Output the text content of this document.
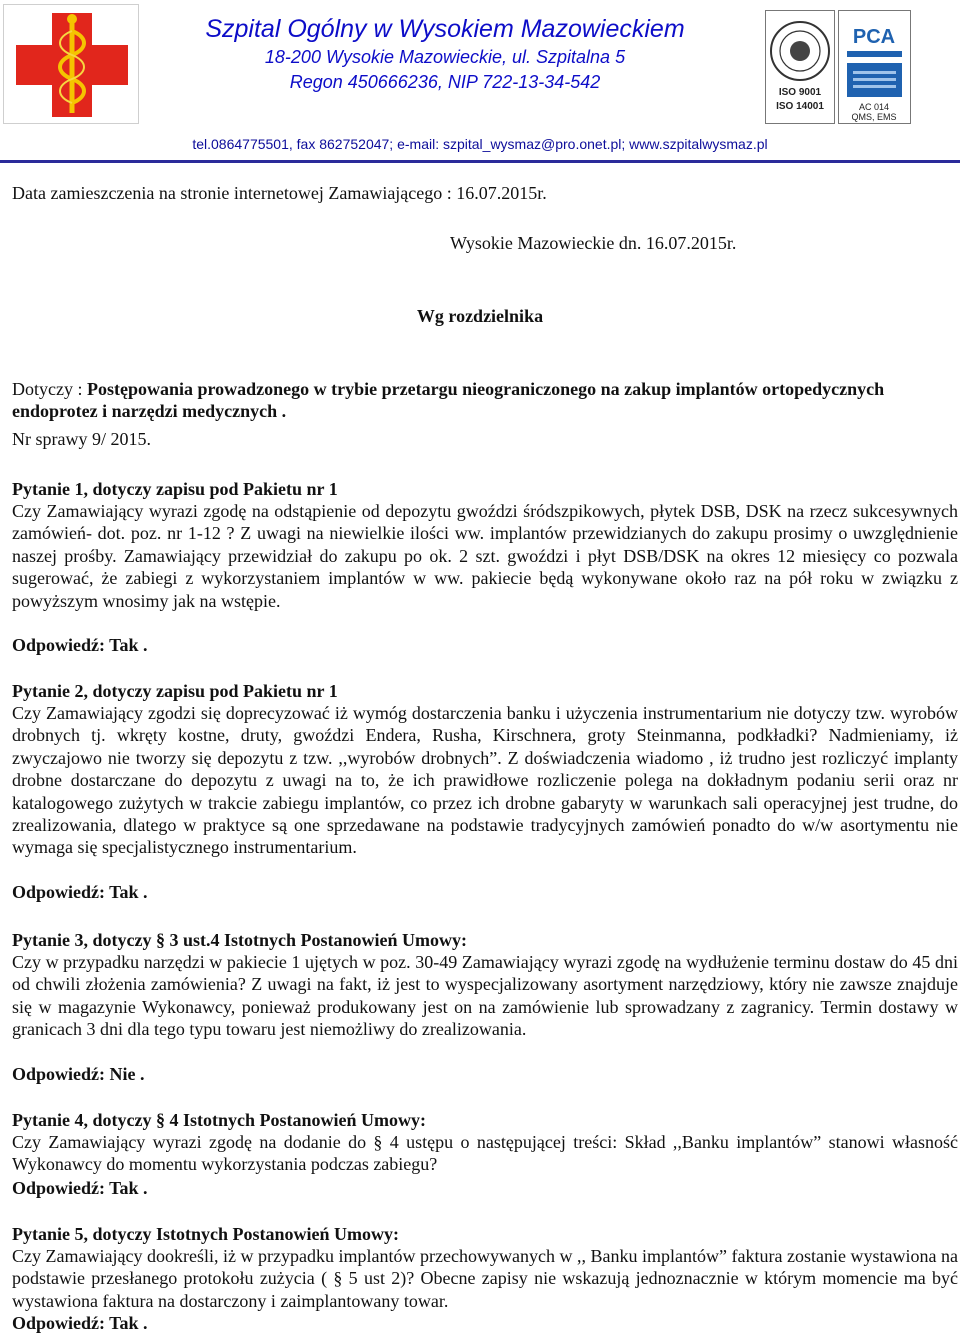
Szpital Ogólny w Wysokiem Mazowieckiem
18-200 Wysokie Mazowieckie, ul. Szpitalna 5
Regon 450666236, NIP 722-13-34-542
ISO 9001
ISO 14001
PCA
AC 014
QMS, EMS
tel.0864775501, fax 862752047; e-mail: szpital_wysmaz@pro.onet.pl; www.szpitalwysmaz.pl

Data zamieszczenia na stronie internetowej Zamawiającego : 16.07.2015r.

Wysokie Mazowieckie dn. 16.07.2015r.

Wg rozdzielnika

Dotyczy : Postępowania prowadzonego w trybie przetargu nieograniczonego na zakup implantów ortopedycznych endoprotez i narzędzi medycznych .

Nr sprawy 9/ 2015.

Pytanie 1, dotyczy zapisu pod Pakietu nr 1

Czy Zamawiający wyrazi zgodę na odstąpienie od depozytu gwoździ śródszpikowych, płytek DSB, DSK na rzecz sukcesywnych zamówień- dot. poz. nr 1-12 ? Z uwagi na niewielkie ilości ww. implantów przewidzianych do zakupu prosimy o uwzględnienie naszej prośby. Zamawiający przewidział do zakupu po ok. 2 szt. gwoździ i płyt DSB/DSK na okres 12 miesięcy co pozwala sugerować, że zabiegi z wykorzystaniem implantów w ww. pakiecie będą wykonywane około raz na pół roku w związku z powyższym wnosimy jak na wstępie.

Odpowiedź: Tak .

Pytanie 2, dotyczy zapisu pod Pakietu nr 1

Czy Zamawiający zgodzi się doprecyzować iż wymóg dostarczenia banku i użyczenia instrumentarium nie dotyczy tzw. wyrobów drobnych tj. wkręty kostne, druty, gwoździ Endera, Rusha, Kirschnera, groty Steinmanna, podkładki? Nadmieniamy, iż zwyczajowo nie tworzy się depozytu z tzw. ,,wyrobów drobnych”. Z doświadczenia wiadomo , iż trudno jest rozliczyć implanty drobne dostarczane do depozytu z uwagi na to, że ich prawidłowe rozliczenie polega na dokładnym podaniu serii oraz nr katalogowego zużytych w trakcie zabiegu implantów, co przez ich drobne gabaryty w warunkach sali operacyjnej jest trudne, do zrealizowania, dlatego w praktyce są one sprzedawane na podstawie tradycyjnych zamówień ponadto do w/w asortymentu nie wymaga się specjalistycznego instrumentarium.

Odpowiedź: Tak .

Pytanie 3, dotyczy § 3 ust.4 Istotnych Postanowień Umowy:

Czy w przypadku narzędzi w pakiecie 1 ujętych w poz. 30-49 Zamawiający wyrazi zgodę na wydłużenie terminu dostaw do 45 dni od chwili złożenia zamówienia? Z uwagi na fakt, iż jest to wyspecjalizowany asortyment narzędziowy, który nie zawsze znajduje się w magazynie Wykonawcy, ponieważ produkowany jest on na zamówienie lub sprowadzany z zagranicy. Termin dostawy w granicach 3 dni dla tego typu towaru jest niemożliwy do zrealizowania.

Odpowiedź: Nie .

Pytanie 4, dotyczy § 4 Istotnych Postanowień Umowy:

Czy Zamawiający wyrazi zgodę na dodanie do § 4 ustępu o następującej treści: Skład ,,Banku implantów” stanowi własność Wykonawcy do momentu wykorzystania podczas zabiegu?

Odpowiedź: Tak .

Pytanie 5, dotyczy Istotnych Postanowień Umowy:

Czy Zamawiający dookreśli, iż w przypadku implantów przechowywanych w ,, Banku implantów” faktura zostanie wystawiona na podstawie przesłanego protokołu zużycia ( § 5 ust 2)? Obecne zapisy nie wskazują jednoznacznie w którym momencie ma być wystawiona faktura na dostarczony i zaimplantowany towar.

Odpowiedź: Tak .
